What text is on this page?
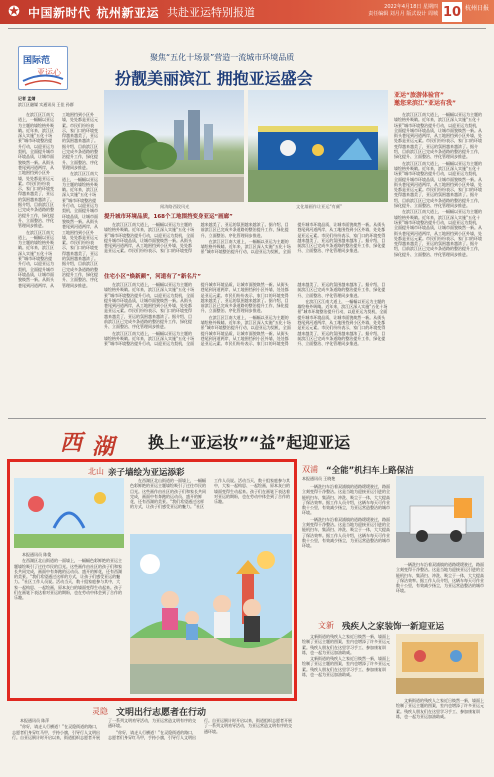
✪ 中国新时代 杭州新亚运 共赴亚运特别报道	2022年4月18日 星期四
责任编辑 刘月月 版式设计 周城 10 杭州日报
国际范
亚运心
聚焦“五化十场景”营造一流城市环境品质
扮靓美丽滨江 拥抱亚运盛会
记者 孟婧
滨江区融媒 实通讯员 王佳 孙群

在滨江区江南大道上，一幅幅以亚运为主题的墙绘格外吸睛。近年来，滨江区深入实施“五化十场景”城市环境整治提升行动，以迎亚运为契机，全面提升城市环境品质，让城市面貌焕然一新。从街头巷尾到河道两岸，从工地围挡到小区外墙，处处都是亚运元素。市民们纷纷表示，家门口的环境变得越来越美了，亚运的氛围越来越浓了。据介绍，目前滨江区已完成多条道路的整治提升工作，绿化提升、立面整治、序化管理同步推进。

在滨江区江南大道上，一幅幅以亚运为主题的墙绘格外吸睛。近年来，滨江区深入实施“五化十场景”城市环境整治提升行动，以迎亚运为契机，全面提升城市环境品质，让城市面貌焕然一新。从街头巷尾到河道两岸，从工地围挡到小区外墙，处处都是亚运元素。市民们纷纷表示，家门口的环境变得越来越美了，亚运的氛围越来越浓了。据介绍，目前滨江区已完成多条道路的整治提升工作，绿化提升、立面整治、序化管理同步推进。

在滨江区江南大道上，一幅幅以亚运为主题的墙绘格外吸睛。近年来，滨江区深入实施“五化十场景”城市环境整治提升行动，以迎亚运为契机，全面提升城市环境品质，让城市面貌焕然一新。从街头巷尾到河道两岸，从工地围挡到小区外墙，处处都是亚运元素。市民们纷纷表示，家门口的环境变得越来越美了，亚运的氛围越来越浓了。据介绍，目前滨江区已完成多条道路的整治提升工作，绿化提升、立面整治、序化管理同步推进。

闻涛路西段风光	文化墙画作让亚运“有颜”
提升城市环境品质，168个工地围挡变身亚运“画廊”

在滨江区江南大道上，一幅幅以亚运为主题的墙绘格外吸睛。近年来，滨江区深入实施“五化十场景”城市环境整治提升行动，以迎亚运为契机，全面提升城市环境品质，让城市面貌焕然一新。从街头巷尾到河道两岸，从工地围挡到小区外墙，处处都是亚运元素。市民们纷纷表示，家门口的环境变得越来越美了，亚运的氛围越来越浓了。据介绍，目前滨江区已完成多条道路的整治提升工作，绿化提升、立面整治、序化管理同步推进。

在滨江区江南大道上，一幅幅以亚运为主题的墙绘格外吸睛。近年来，滨江区深入实施“五化十场景”城市环境整治提升行动，以迎亚运为契机，全面提升城市环境品质，让城市面貌焕然一新。从街头巷尾到河道两岸，从工地围挡到小区外墙，处处都是亚运元素。市民们纷纷表示，家门口的环境变得越来越美了，亚运的氛围越来越浓了。据介绍，目前滨江区已完成多条道路的整治提升工作，绿化提升、立面整治、序化管理同步推进。

住宅小区“焕新颜”，河道有了“新名片”

在滨江区江南大道上，一幅幅以亚运为主题的墙绘格外吸睛。近年来，滨江区深入实施“五化十场景”城市环境整治提升行动，以迎亚运为契机，全面提升城市环境品质，让城市面貌焕然一新。从街头巷尾到河道两岸，从工地围挡到小区外墙，处处都是亚运元素。市民们纷纷表示，家门口的环境变得越来越美了，亚运的氛围越来越浓了。据介绍，目前滨江区已完成多条道路的整治提升工作，绿化提升、立面整治、序化管理同步推进。

在滨江区江南大道上，一幅幅以亚运为主题的墙绘格外吸睛。近年来，滨江区深入实施“五化十场景”城市环境整治提升行动，以迎亚运为契机，全面提升城市环境品质，让城市面貌焕然一新。从街头巷尾到河道两岸，从工地围挡到小区外墙，处处都是亚运元素。市民们纷纷表示，家门口的环境变得越来越美了，亚运的氛围越来越浓了。据介绍，目前滨江区已完成多条道路的整治提升工作，绿化提升、立面整治、序化管理同步推进。

在滨江区江南大道上，一幅幅以亚运为主题的墙绘格外吸睛。近年来，滨江区深入实施“五化十场景”城市环境整治提升行动，以迎亚运为契机，全面提升城市环境品质，让城市面貌焕然一新。从街头巷尾到河道两岸，从工地围挡到小区外墙，处处都是亚运元素。市民们纷纷表示，家门口的环境变得越来越美了，亚运的氛围越来越浓了。据介绍，目前滨江区已完成多条道路的整治提升工作，绿化提升、立面整治、序化管理同步推进。

在滨江区江南大道上，一幅幅以亚运为主题的墙绘格外吸睛。近年来，滨江区深入实施“五化十场景”城市环境整治提升行动，以迎亚运为契机，全面提升城市环境品质，让城市面貌焕然一新。从街头巷尾到河道两岸，从工地围挡到小区外墙，处处都是亚运元素。市民们纷纷表示，家门口的环境变得越来越美了，亚运的氛围越来越浓了。据介绍，目前滨江区已完成多条道路的整治提升工作，绿化提升、立面整治、序化管理同步推进。

亚运“旅游体验官”
邀您来滨江“亚运有我”

在滨江区江南大道上，一幅幅以亚运为主题的墙绘格外吸睛。近年来，滨江区深入实施“五化十场景”城市环境整治提升行动，以迎亚运为契机，全面提升城市环境品质，让城市面貌焕然一新。从街头巷尾到河道两岸，从工地围挡到小区外墙，处处都是亚运元素。市民们纷纷表示，家门口的环境变得越来越美了，亚运的氛围越来越浓了。据介绍，目前滨江区已完成多条道路的整治提升工作，绿化提升、立面整治、序化管理同步推进。

在滨江区江南大道上，一幅幅以亚运为主题的墙绘格外吸睛。近年来，滨江区深入实施“五化十场景”城市环境整治提升行动，以迎亚运为契机，全面提升城市环境品质，让城市面貌焕然一新。从街头巷尾到河道两岸，从工地围挡到小区外墙，处处都是亚运元素。市民们纷纷表示，家门口的环境变得越来越美了，亚运的氛围越来越浓了。据介绍，目前滨江区已完成多条道路的整治提升工作，绿化提升、立面整治、序化管理同步推进。

在滨江区江南大道上，一幅幅以亚运为主题的墙绘格外吸睛。近年来，滨江区深入实施“五化十场景”城市环境整治提升行动，以迎亚运为契机，全面提升城市环境品质，让城市面貌焕然一新。从街头巷尾到河道两岸，从工地围挡到小区外墙，处处都是亚运元素。市民们纷纷表示，家门口的环境变得越来越美了，亚运的氛围越来越浓了。据介绍，目前滨江区已完成多条道路的整治提升工作，绿化提升、立面整治、序化管理同步推进。

西 湖 换上“亚运妆”“益”起迎亚运
北山 亲子墙绘为亚运添彩

本报通讯员 陈俊

在西湖区北山街道的一面墙上，一幅幅色彩鲜艳的亚运主题墙绘吸引了过往市民的目光。这些画作由社区的孩子们和家长共同完成，画面中有奔跑的运动员、盛开的鲜花，还有西湖的美景。“我们希望通过这样的方式，让孩子们感受亚运的魅力。”社区工作人员说。活动当天，数十组家庭参与其中，大家一起构思、一起绘画，原本灰白的墙面变得生动起来。孩子们在画笔下表达着对亚运的期盼，也在劳动中体会到了合作的乐趣。

在西湖区北山街道的一面墙上，一幅幅色彩鲜艳的亚运主题墙绘吸引了过往市民的目光。这些画作由社区的孩子们和家长共同完成，画面中有奔跑的运动员、盛开的鲜花，还有西湖的美景。“我们希望通过这样的方式，让孩子们感受亚运的魅力。”社区工作人员说。活动当天，数十组家庭参与其中，大家一起构思、一起绘画，原本灰白的墙面变得生动起来。孩子们在画笔下表达着对亚运的期盼，也在劳动中体会到了合作的乐趣。

双浦 “全能”机扫车上路保洁
本报通讯员 王晓艳

一辆洗扫车沿着双浦镇的道路缓缓驶过，路面立刻变得干净整洁。这是当地为迎接亚运引进的全能机扫车，集清扫、冲洗、吸尘于一体，大大提高了保洁效率。据工作人员介绍，这辆车每天可作业数十公里，有效减少扬尘，为亚运营造整洁的城市环境。

一辆洗扫车沿着双浦镇的道路缓缓驶过，路面立刻变得干净整洁。这是当地为迎接亚运引进的全能机扫车，集清扫、冲洗、吸尘于一体，大大提高了保洁效率。据工作人员介绍，这辆车每天可作业数十公里，有效减少扬尘，为亚运营造整洁的城市环境。

一辆洗扫车沿着双浦镇的道路缓缓驶过，路面立刻变得干净整洁。这是当地为迎接亚运引进的全能机扫车，集清扫、冲洗、吸尘于一体，大大提高了保洁效率。据工作人员介绍，这辆车每天可作业数十公里，有效减少扬尘，为亚运营造整洁的城市环境。

文新 残疾人之家装饰一新迎亚运

文新街道的残疾人之家近日焕然一新，墙面上绘制了亚运主题的图案，室内也增添了许多亚运元素。残疾人朋友们在这里学习手工、参加康复训练，也一起为亚运加油助威。

文新街道的残疾人之家近日焕然一新，墙面上绘制了亚运主题的图案，室内也增添了许多亚运元素。残疾人朋友们在这里学习手工、参加康复训练，也一起为亚运加油助威。

文新街道的残疾人之家近日焕然一新，墙面上绘制了亚运主题的图案，室内也增添了许多亚运元素。残疾人朋友们在这里学习手工、参加康复训练，也一起为亚运加油助威。

灵隐 文明出行志愿者在行动

本报通讯员 陈萍

“你好，请走人行横道！”在灵隐街道的路口，志愿者们身穿红马甲，手持小旗，引导行人文明出行。自亚运倒计时开启以来，街道组织志愿者开展了一系列文明劝导活动，为亚运营造文明有序的交通环境。

“你好，请走人行横道！”在灵隐街道的路口，志愿者们身穿红马甲，手持小旗，引导行人文明出行。自亚运倒计时开启以来，街道组织志愿者开展了一系列文明劝导活动，为亚运营造文明有序的交通环境。
